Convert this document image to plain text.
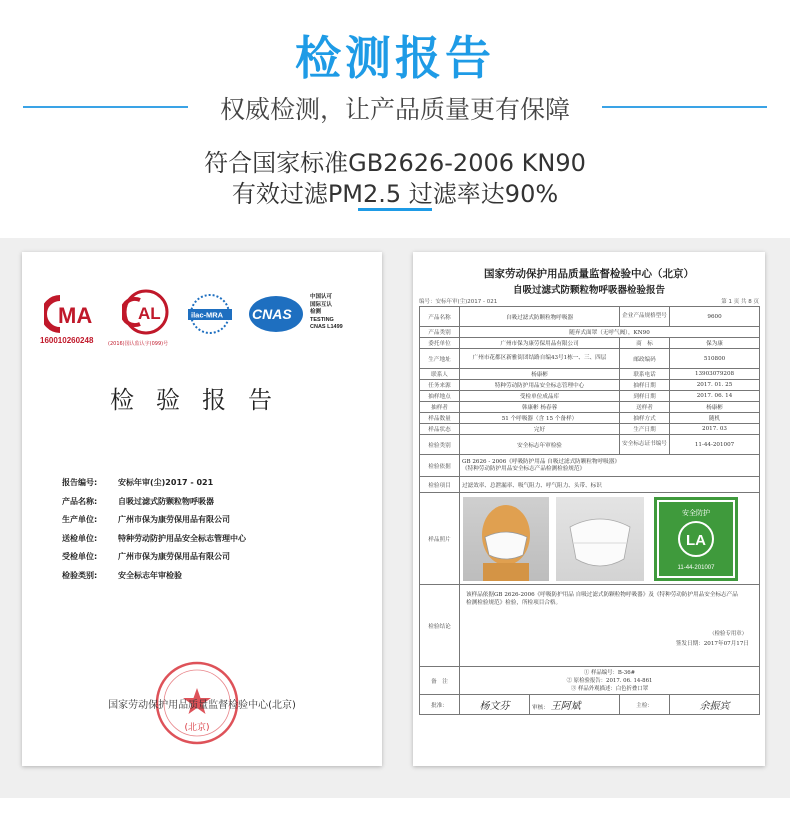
检测报告
权威检测，让产品质量更有保障
符合国家标准GB2626-2006 KN90
有效过滤PM2.5 过滤率达90%
MA
160010260248
AL
(2016)国认监认字(099)号
ilac-MRA CNAS
中国认可
国际互认
检测
TESTING
CNAS L1499
检验报告
报告编号:	安标年审(尘)2017 - 021
产品名称:	自吸过滤式防颗粒物呼吸器
生产单位:	广州市保为康劳保用品有限公司
送检单位:	特种劳动防护用品安全标志管理中心
受检单位:	广州市保为康劳保用品有限公司
检验类别:	安全标志年审检验
(北京)
国家劳动保护用品质量监督检验中心(北京)
国家劳动保护用品质量监督检验中心（北京）
自吸过滤式防颗粒物呼吸器检验报告
编号：安标年审(尘)2017 - 021	第 1 页 共 8 页
产品名称	自吸过滤式防颗粒物呼吸器		企业产品规格型号	9600
产品类别	随弃式面罩（无呼气阀），KN90			
委托单位	广州市保为康劳保用品有限公司		商　标	保为康
生产地址	广州市花都区新雅街团结路自编43号1栋一、三、四层		邮政编码	510800
联系人	杨康彬		联系电话	13903079208
任务来源	特种劳动防护用品安全标志管理中心		抽样日期	2017. 01. 25
抽样地点	受检单位成品库		到样日期	2017. 06. 14
抽样者	韩康彬 杨春蓉		送样者	杨康彬
样品数量	51 个呼吸器（含 15 个备样）		抽样方式	随机
样品状态	完好		生产日期	2017. 03
检验类别	安全标志年审检验		安全标志证书编号	11-44-201007
检验依据	GB 2626 - 2006《呼吸防护用品 自吸过滤式防颗粒物呼吸器》
《特种劳动防护用品安全标志产品检测检验规范》			

检验项目	过滤效率、总泄漏率、吸气阻力、呼气阻力、头带、标识			
样品照片	安全防护
LA
11-44-201007			

检验结论	该样品依据GB 2626-2006《呼吸防护用品 自吸过滤式防颗粒物呼吸器》及《特种劳动防护用品安全标志产品检测检验规范》检验，所检项目合格。
（检验专用章）
签发日期：2017年07月17日			

备　注	① 样品编号：B-36#
② 原检验报告：2017. 06. 14-861
③ 样品外观描述：白色折叠口罩			

批准：	杨文芬	审核： 王阿斌	主检：	余振宾
